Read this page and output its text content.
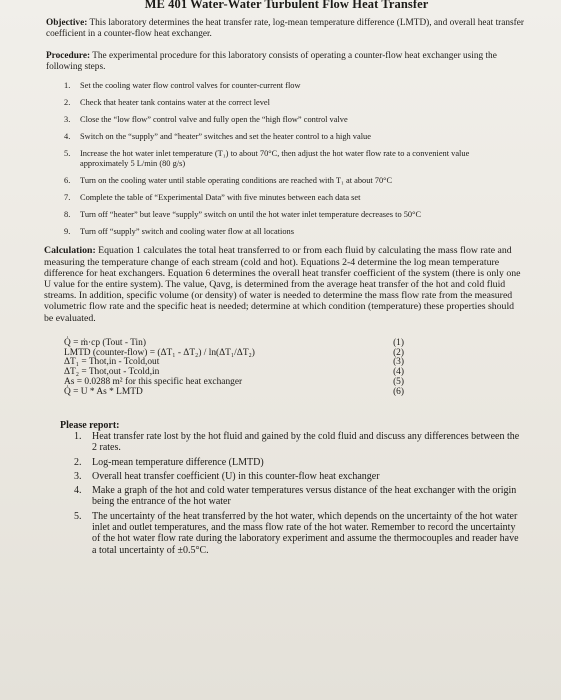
ME 401 Water-Water Turbulent Flow Heat Transfer

Objective: This laboratory determines the heat transfer rate, log-mean temperature difference (LMTD), and overall heat transfer coefficient in a counter-flow heat exchanger.

Procedure: The experimental procedure for this laboratory consists of operating a counter-flow heat exchanger using the following steps.

1.	Set the cooling water flow control valves for counter-current flow
2.	Check that heater tank contains water at the correct level
3.	Close the “low flow” control valve and fully open the “high flow” control valve
4.	Switch on the “supply” and “heater” switches and set the heater control to a high value
5.	Increase the hot water inlet temperature (T₁) to about 70°C, then adjust the hot water flow rate to a convenient value approximately 5 L/min (80 g/s)
6.	Turn on the cooling water until stable operating conditions are reached with T₁ at about 70°C
7.	Complete the table of “Experimental Data” with five minutes between each data set
8.	Turn off “heater” but leave “supply” switch on until the hot water inlet temperature decreases to 50°C
9.	Turn off “supply” switch and cooling water flow at all locations

Calculation: Equation 1 calculates the total heat transferred to or from each fluid by calculating the mass flow rate and measuring the temperature change of each stream (cold and hot). Equations 2-4 determine the log mean temperature difference for heat exchangers. Equation 6 determines the overall heat transfer coefficient of the system (there is only one U value for the entire system). The value, Qavg, is determined from the average heat transfer of the hot and cold fluid streams. In addition, specific volume (or density) of water is needed to determine the mass flow rate from the measured volumetric flow rate and the specific heat is needed; determine at which condition (temperature) these properties should be evaluated.

Q̇ = ṁ·cp (Tout - Tin)	(1)
LMTD (counter-flow) = (ΔT₁ - ΔT₂) / ln(ΔT₁/ΔT₂)	(2)
ΔT₁ = Thot,in - Tcold,out	(3)
ΔT₂ = Thot,out - Tcold,in	(4)
As = 0.0288 m² for this specific heat exchanger	(5)
Q̇ = U * As * LMTD	(6)
Please report:
1.	Heat transfer rate lost by the hot fluid and gained by the cold fluid and discuss any differences between the 2 rates.
2.	Log-mean temperature difference (LMTD)
3.	Overall heat transfer coefficient (U) in this counter-flow heat exchanger
4.	Make a graph of the hot and cold water temperatures versus distance of the heat exchanger with the origin being the entrance of the hot water
5.	The uncertainty of the heat transferred by the hot water, which depends on the uncertainty of the hot water inlet and outlet temperatures, and the mass flow rate of the hot water. Remember to record the uncertainty of the hot water flow rate during the laboratory experiment and assume the thermocouples and reader have a total uncertainty of ±0.5°C.
